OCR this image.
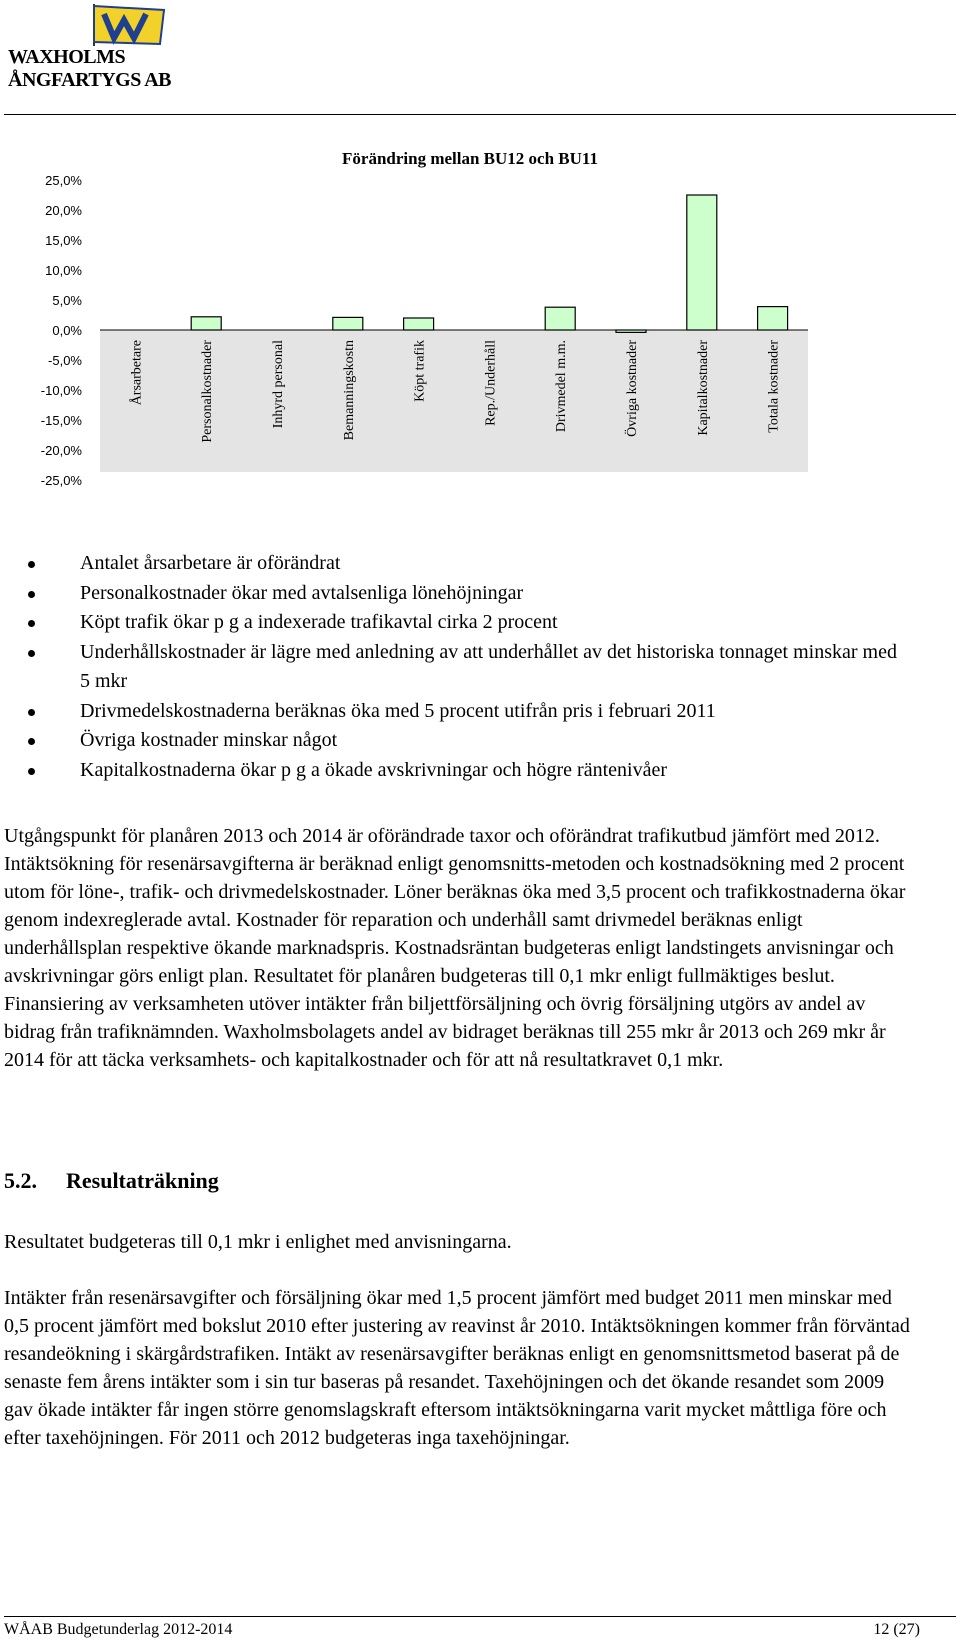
WAXHOLMS ÅNGFARTYGS AB
Förändring mellan BU12 och BU11
25,0%
20,0%
15,0%
10,0%
5,0%
0,0%
-5,0%
-10,0%
-15,0%
-20,0%
-25,0%
Årsarbetare	Personalkostnader	Inhyrd personal	Bemanningskostn	Köpt trafik	Rep./Underhåll	Drivmedel m.m.	Övriga kostnader	Kapitalkostnader	Totala kostnader
Antalet årsarbetare är oförändrat
Personalkostnader ökar med avtalsenliga lönehöjningar
Köpt trafik ökar p g a indexerade trafikavtal cirka 2 procent
Underhållskostnader är lägre med anledning av att underhållet av det historiska tonnaget minskar med 5 mkr
Drivmedelskostnaderna beräknas öka med 5 procent utifrån pris i februari 2011
Övriga kostnader minskar något
Kapitalkostnaderna ökar p g a ökade avskrivningar och högre räntenivåer

Utgångspunkt för planåren 2013 och 2014 är oförändrade taxor och oförändrat trafikutbud jämfört med 2012. Intäktsökning för resenärsavgifterna är beräknad enligt genomsnitts-metoden och kostnadsökning med 2 procent utom för löne-, trafik- och drivmedelskostnader. Löner beräknas öka med 3,5 procent och trafikkostnaderna ökar genom indexreglerade avtal. Kostnader för reparation och underhåll samt drivmedel beräknas enligt underhållsplan respektive ökande marknadspris. Kostnadsräntan budgeteras enligt landstingets anvisningar och avskrivningar görs enligt plan. Resultatet för planåren budgeteras till 0,1 mkr enligt fullmäktiges beslut. Finansiering av verksamheten utöver intäkter från biljettförsäljning och övrig försäljning utgörs av andel av bidrag från trafiknämnden. Waxholmsbolagets andel av bidraget beräknas till 255 mkr år 2013 och 269 mkr år 2014 för att täcka verksamhets- och kapitalkostnader och för att nå resultatkravet 0,1 mkr.

5.2. Resultaträkning

Resultatet budgeteras till 0,1 mkr i enlighet med anvisningarna.

Intäkter från resenärsavgifter och försäljning ökar med 1,5 procent jämfört med budget 2011 men minskar med 0,5 procent jämfört med bokslut 2010 efter justering av reavinst år 2010. Intäktsökningen kommer från förväntad resandeökning i skärgårdstrafiken. Intäkt av resenärsavgifter beräknas enligt en genomsnittsmetod baserat på de senaste fem årens intäkter som i sin tur baseras på resandet. Taxehöjningen och det ökande resandet som 2009 gav ökade intäkter får ingen större genomslagskraft eftersom intäktsökningarna varit mycket måttliga före och efter taxehöjningen. För 2011 och 2012 budgeteras inga taxehöjningar.

WÅAB Budgetunderlag 2012-2014	12 (27)
